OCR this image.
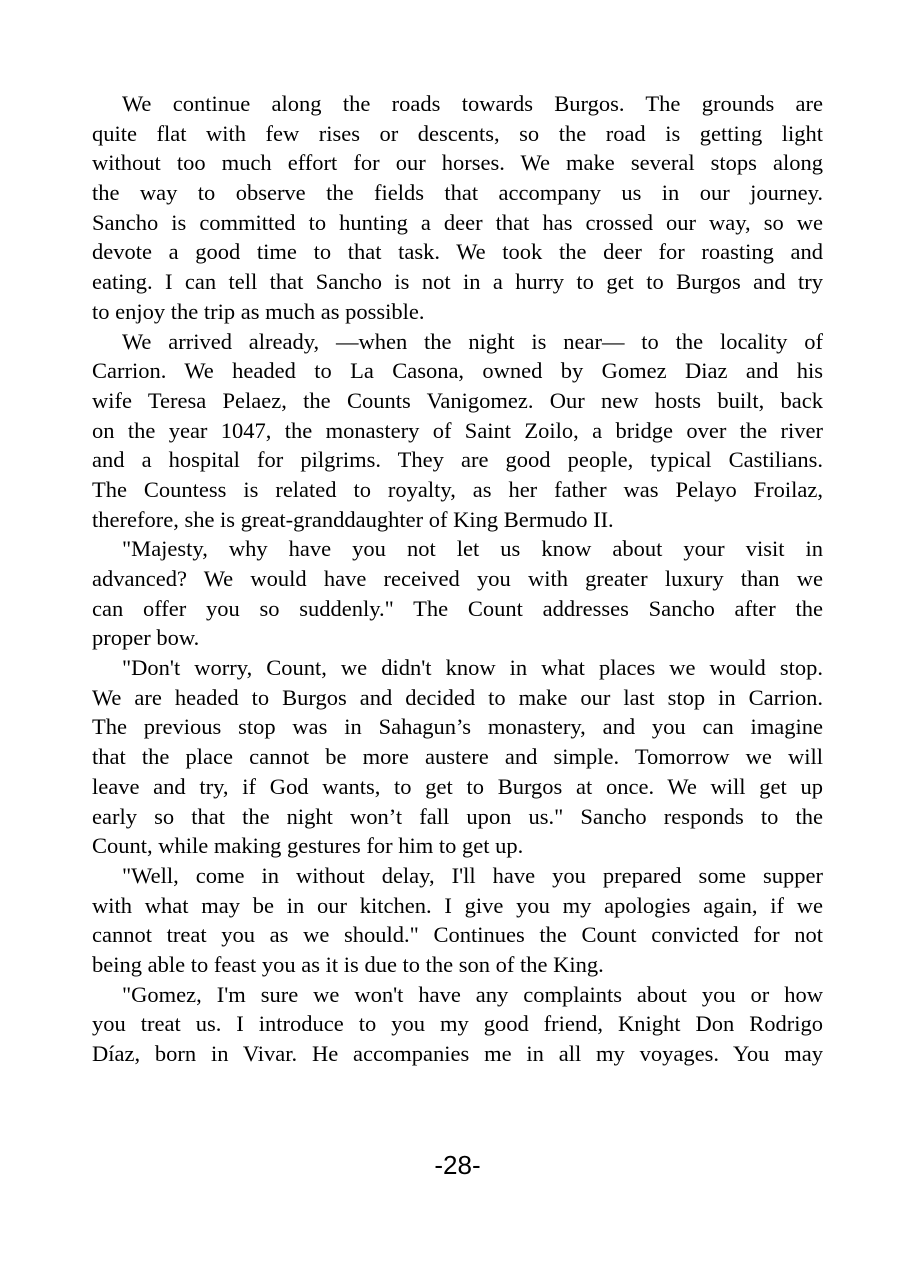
We continue along the roads towards Burgos. The grounds are
quite flat with few rises or descents, so the road is getting light
without too much effort for our horses. We make several stops along
the way to observe the fields that accompany us in our journey.
Sancho is committed to hunting a deer that has crossed our way, so we
devote a good time to that task. We took the deer for roasting and
eating. I can tell that Sancho is not in a hurry to get to Burgos and try
to enjoy the trip as much as possible.
We arrived already, —when the night is near— to the locality of
Carrion. We headed to La Casona, owned by Gomez Diaz and his
wife Teresa Pelaez, the Counts Vanigomez. Our new hosts built, back
on the year 1047, the monastery of Saint Zoilo, a bridge over the river
and a hospital for pilgrims. They are good people, typical Castilians.
The Countess is related to royalty, as her father was Pelayo Froilaz,
therefore, she is great-granddaughter of King Bermudo II.
"Majesty, why have you not let us know about your visit in
advanced? We would have received you with greater luxury than we
can offer you so suddenly." The Count addresses Sancho after the
proper bow.
"Don't worry, Count, we didn't know in what places we would stop.
We are headed to Burgos and decided to make our last stop in Carrion.
The previous stop was in Sahagun’s monastery, and you can imagine
that the place cannot be more austere and simple. Tomorrow we will
leave and try, if God wants, to get to Burgos at once. We will get up
early so that the night won’t fall upon us." Sancho responds to the
Count, while making gestures for him to get up.
"Well, come in without delay, I'll have you prepared some supper
with what may be in our kitchen. I give you my apologies again, if we
cannot treat you as we should." Continues the Count convicted for not
being able to feast you as it is due to the son of the King.
"Gomez, I'm sure we won't have any complaints about you or how
you treat us. I introduce to you my good friend, Knight Don Rodrigo
Díaz, born in Vivar. He accompanies me in all my voyages. You may
-28-
